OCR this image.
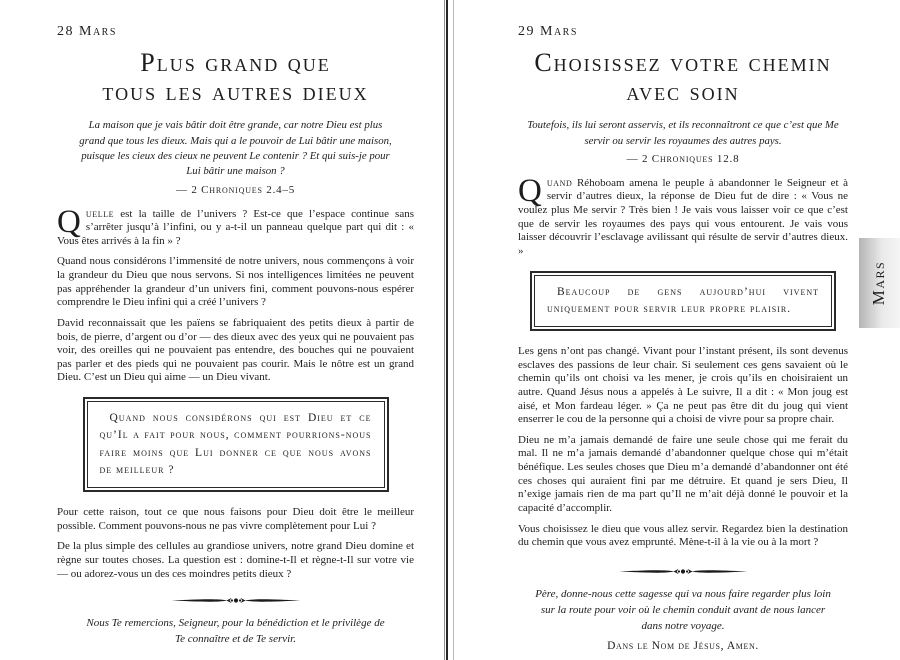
28 Mars
Plus grand que
tous les autres dieux
La maison que je vais bâtir doit être grande, car notre Dieu est plus grand que tous les dieux. Mais qui a le pouvoir de Lui bâtir une maison, puisque les cieux des cieux ne peuvent Le contenir ? Et qui suis-je pour Lui bâtir une maison ?
— 2 Chroniques 2.4–5
Quelle est la taille de l’univers ? Est-ce que l’espace continue sans s’arrêter jusqu’à l’infini, ou y a-t-il un panneau quelque part qui dit : « Vous êtes arrivés à la fin » ?
Quand nous considérons l’immensité de notre univers, nous commençons à voir la grandeur du Dieu que nous servons. Si nos intelligences limitées ne peuvent pas appréhender la grandeur d’un univers fini, comment pouvons-nous espérer comprendre le Dieu infini qui a créé l’univers ?
David reconnaissait que les païens se fabriquaient des petits dieux à partir de bois, de pierre, d’argent ou d’or — des dieux avec des yeux qui ne pouvaient pas voir, des oreilles qui ne pouvaient pas entendre, des bouches qui ne pouvaient pas parler et des pieds qui ne pouvaient pas courir. Mais le nôtre est un grand Dieu. C’est un Dieu qui aime — un Dieu vivant.
Quand nous considérons qui est Dieu et ce qu’Il a fait pour nous, comment pourrions-nous faire moins que Lui donner ce que nous avons de meilleur ?
Pour cette raison, tout ce que nous faisons pour Dieu doit être le meilleur possible. Comment pouvons-nous ne pas vivre complètement pour Lui ?
De la plus simple des cellules au grandiose univers, notre grand Dieu domine et règne sur toutes choses. La question est : domine-t-Il et règne-t-Il sur votre vie — ou adorez-vous un des ces moindres petits dieux ?
Nous Te remercions, Seigneur, pour la bénédiction et le privilège de Te connaître et de Te servir.
29 Mars
Choisissez votre chemin
avec soin
Toutefois, ils lui seront asservis, et ils reconnaîtront ce que c’est que Me servir ou servir les royaumes des autres pays.
— 2 Chroniques 12.8
Quand Réhoboam amena le peuple à abandonner le Seigneur et à servir d’autres dieux, la réponse de Dieu fut de dire : « Vous ne voulez plus Me servir ? Très bien ! Je vais vous laisser voir ce que c’est que de servir les royaumes des pays qui vous entourent. Je vais vous laisser découvrir l’esclavage avilissant qui résulte de servir d’autres dieux. »
Beaucoup de gens aujourd’hui vivent uniquement pour servir leur propre plaisir.
Les gens n’ont pas changé. Vivant pour l’instant présent, ils sont devenus esclaves des passions de leur chair. Si seulement ces gens savaient où le chemin qu’ils ont choisi va les mener, je crois qu’ils en choisiraient un autre. Quand Jésus nous a appelés à Le suivre, Il a dit : « Mon joug est aisé, et Mon fardeau léger. » Ça ne peut pas être dit du joug qui vient enserrer le cou de la personne qui a choisi de vivre pour sa propre chair.
Dieu ne m’a jamais demandé de faire une seule chose qui me ferait du mal. Il ne m’a jamais demandé d’abandonner quelque chose qui m’était bénéfique. Les seules choses que Dieu m’a demandé d’abandonner ont été ces choses qui auraient fini par me détruire. Et quand je sers Dieu, Il n’exige jamais rien de ma part qu’Il ne m’ait déjà donné le pouvoir et la capacité d’accomplir.
Vous choisissez le dieu que vous allez servir. Regardez bien la destination du chemin que vous avez emprunté. Mène-t-il à la vie ou à la mort ?
Père, donne-nous cette sagesse qui va nous faire regarder plus loin sur la route pour voir où le chemin conduit avant de nous lancer dans notre voyage.
Dans le Nom de Jésus, Amen.
Mars
